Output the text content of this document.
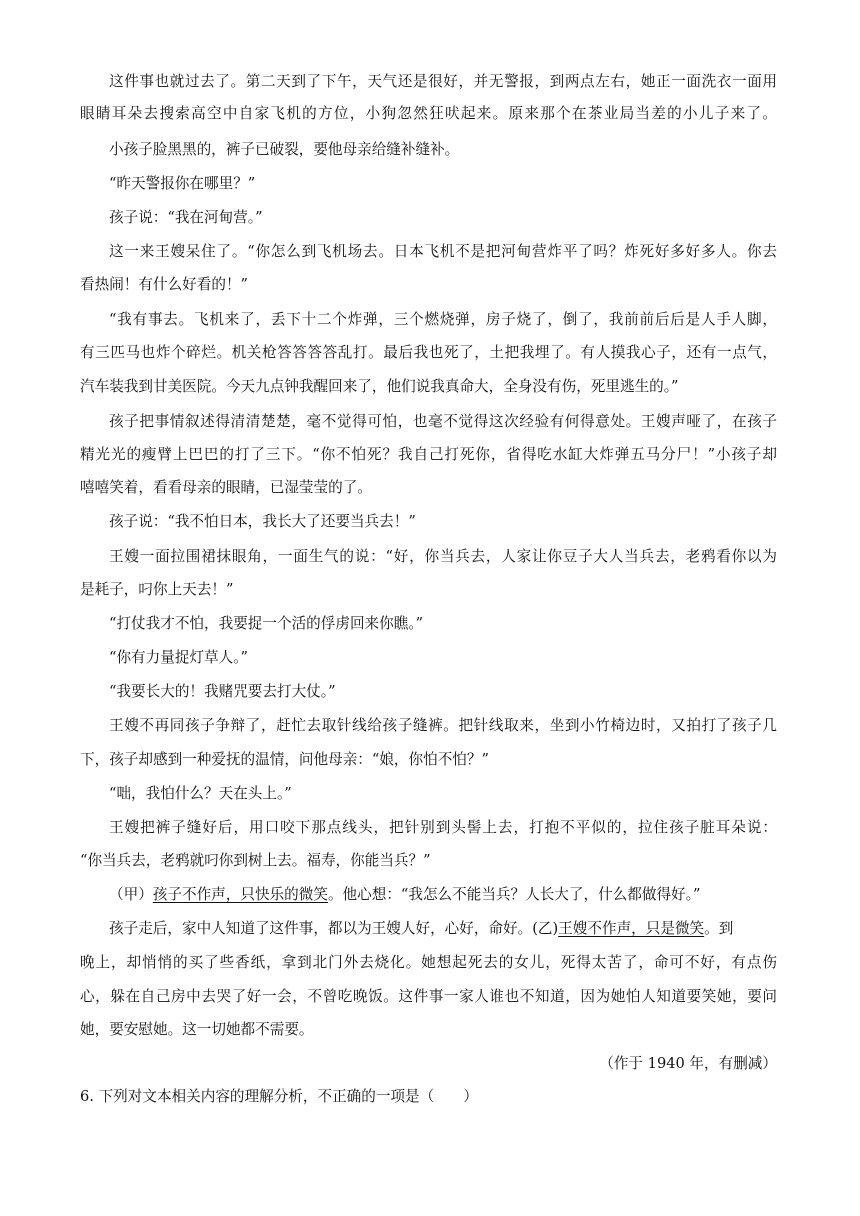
这件事也就过去了。第二天到了下午，天气还是很好，并无警报，到两点左右，她正一面洗衣一面用
眼睛耳朵去搜索高空中自家飞机的方位，小狗忽然狂吠起来。原来那个在茶业局当差的小儿子来了。
小孩子脸黑黑的，裤子已破裂，要他母亲给缝补缝补。
“昨天警报你在哪里？”
孩子说：“我在河甸营。”
这一来王嫂呆住了。“你怎么到飞机场去。日本飞机不是把河甸营炸平了吗？炸死好多好多人。你去
看热闹！有什么好看的！”
“我有事去。飞机来了，丢下十二个炸弹，三个燃烧弹，房子烧了，倒了，我前前后后是人手人脚，
有三匹马也炸个碎烂。机关枪答答答答乱打。最后我也死了，土把我埋了。有人摸我心子，还有一点气，
汽车装我到甘美医院。今天九点钟我醒回来了，他们说我真命大，全身没有伤，死里逃生的。”
孩子把事情叙述得清清楚楚，毫不觉得可怕，也毫不觉得这次经验有何得意处。王嫂声哑了，在孩子
精光光的瘦臂上巴巴的打了三下。“你不怕死？我自己打死你，省得吃水缸大炸弹五马分尸！”小孩子却
嘻嘻笑着，看看母亲的眼睛，已湿莹莹的了。
孩子说：“我不怕日本，我长大了还要当兵去！”
王嫂一面拉围裙抹眼角，一面生气的说：“好，你当兵去，人家让你豆子大人当兵去，老鸦看你以为
是耗子，叼你上天去！”
“打仗我才不怕，我要捉一个活的俘虏回来你瞧。”
“你有力量捉灯草人。”
“我要长大的！我赌咒要去打大仗。”
王嫂不再同孩子争辩了，赶忙去取针线给孩子缝裤。把针线取来，坐到小竹椅边时，又拍打了孩子几
下，孩子却感到一种爱抚的温情，问他母亲：“娘，你怕不怕？”
“咄，我怕什么？天在头上。”
王嫂把裤子缝好后，用口咬下那点线头，把针别到头髻上去，打抱不平似的，拉住孩子脏耳朵说：
“你当兵去，老鸦就叼你到树上去。福寿，你能当兵？”
（甲）孩子不作声，只快乐的微笑。他心想：“我怎么不能当兵？人长大了，什么都做得好。”
孩子走后，家中人知道了这件事，都以为王嫂人好，心好，命好。(乙)王嫂不作声，只是微笑。到
晚上，却悄悄的买了些香纸，拿到北门外去烧化。她想起死去的女儿，死得太苦了，命可不好，有点伤
心，躲在自己房中去哭了好一会，不曾吃晚饭。这件事一家人谁也不知道，因为她怕人知道要笑她，要问
她，要安慰她。这一切她都不需要。
（作于 1940 年，有删减）
6. 下列对文本相关内容的理解分析，不正确的一项是（　　）
